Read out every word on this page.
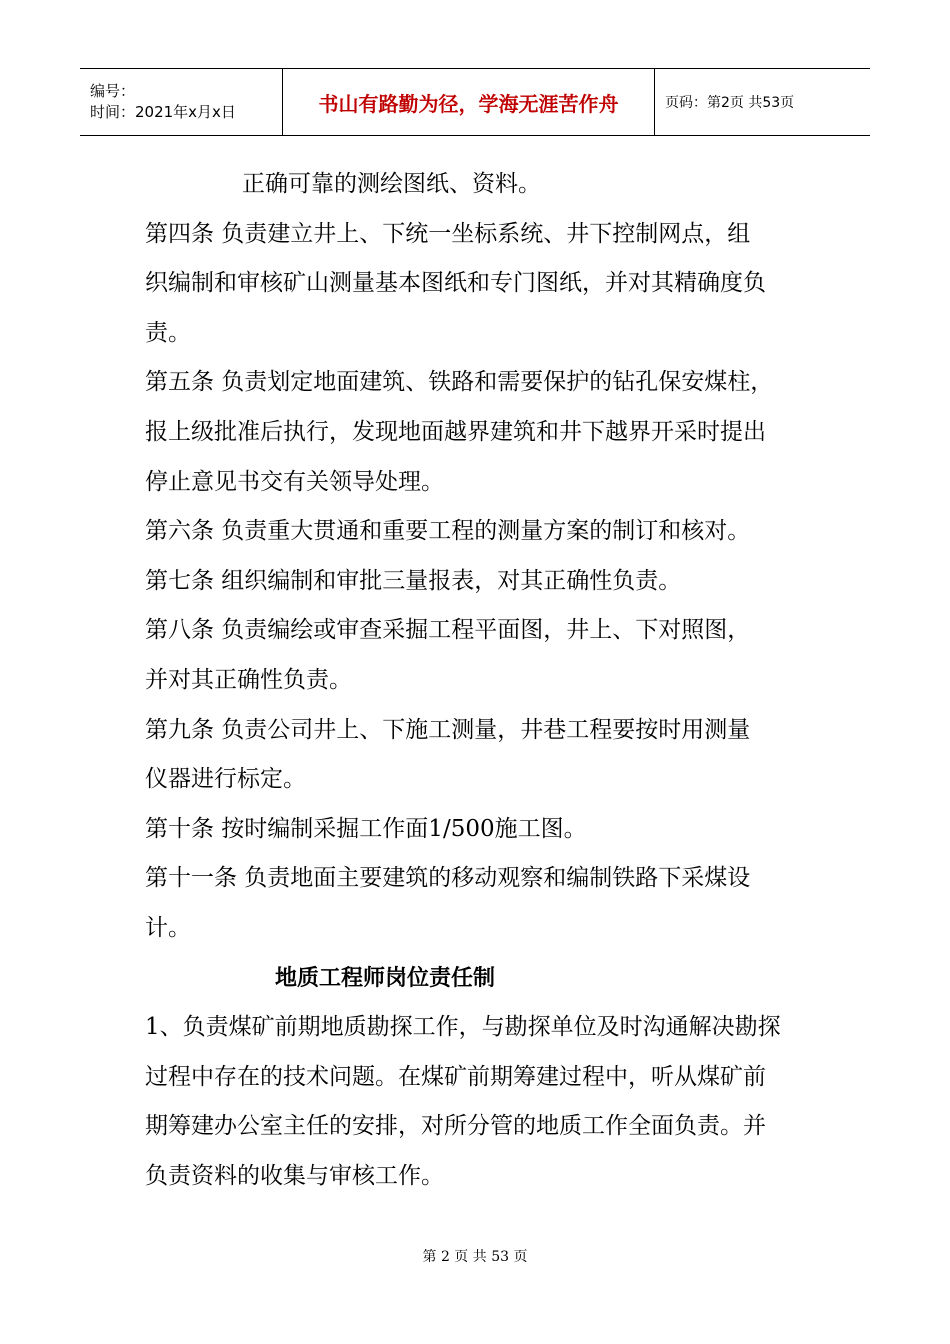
编号：
时间：2021年x月x日	书山有路勤为径，学海无涯苦作舟	页码：第2页 共53页

正确可靠的测绘图纸、资料。

第四条 负责建立井上、下统一坐标系统、井下控制网点，组

织编制和审核矿山测量基本图纸和专门图纸，并对其精确度负

责。

第五条 负责划定地面建筑、铁路和需要保护的钻孔保安煤柱，

报上级批准后执行，发现地面越界建筑和井下越界开采时提出

停止意见书交有关领导处理。

第六条 负责重大贯通和重要工程的测量方案的制订和核对。

第七条 组织编制和审批三量报表，对其正确性负责。

第八条 负责编绘或审查采掘工程平面图，井上、下对照图，

并对其正确性负责。

第九条 负责公司井上、下施工测量，井巷工程要按时用测量

仪器进行标定。

第十条 按时编制采掘工作面1/500施工图。

第十一条 负责地面主要建筑的移动观察和编制铁路下采煤设

计。

地质工程师岗位责任制

1、负责煤矿前期地质勘探工作，与勘探单位及时沟通解决勘探

过程中存在的技术问题。在煤矿前期筹建过程中，听从煤矿前

期筹建办公室主任的安排，对所分管的地质工作全面负责。并

负责资料的收集与审核工作。

第 2 页 共 53 页
